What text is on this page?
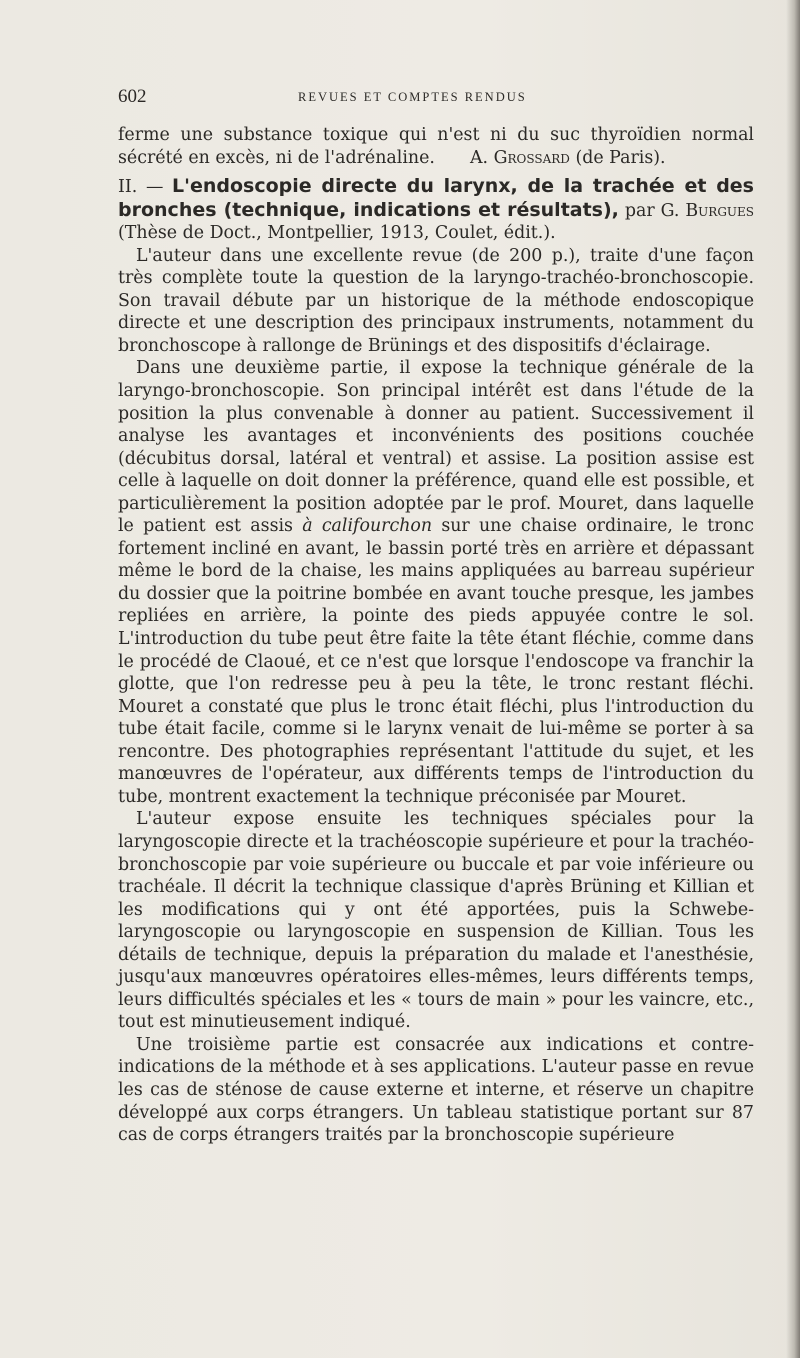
602	REVUES ET COMPTES RENDUS

ferme une substance toxique qui n'est ni du suc thyroïdien normal sécrété en excès, ni de l'adrénaline. A. Grossard (de Paris).

II. — L'endoscopie directe du larynx, de la trachée et des bronches (technique, indications et résultats), par G. Burgues (Thèse de Doct., Montpellier, 1913, Coulet, édit.).

L'auteur dans une excellente revue (de 200 p.), traite d'une façon très complète toute la question de la laryngo-trachéo-bronchoscopie. Son travail débute par un historique de la méthode endoscopique directe et une description des principaux instruments, notamment du bronchoscope à rallonge de Brünings et des dispositifs d'éclairage.

Dans une deuxième partie, il expose la technique générale de la laryngo-bronchoscopie. Son principal intérêt est dans l'étude de la position la plus convenable à donner au patient. Successivement il analyse les avantages et inconvénients des positions couchée (décubitus dorsal, latéral et ventral) et assise. La position assise est celle à laquelle on doit donner la préférence, quand elle est possible, et particulièrement la position adoptée par le prof. Mouret, dans laquelle le patient est assis à califourchon sur une chaise ordinaire, le tronc fortement incliné en avant, le bassin porté très en arrière et dépassant même le bord de la chaise, les mains appliquées au barreau supérieur du dossier que la poitrine bombée en avant touche presque, les jambes repliées en arrière, la pointe des pieds appuyée contre le sol. L'introduction du tube peut être faite la tête étant fléchie, comme dans le procédé de Claoué, et ce n'est que lorsque l'endoscope va franchir la glotte, que l'on redresse peu à peu la tête, le tronc restant fléchi. Mouret a constaté que plus le tronc était fléchi, plus l'introduction du tube était facile, comme si le larynx venait de lui-même se porter à sa rencontre. Des photographies représentant l'attitude du sujet, et les manœuvres de l'opérateur, aux différents temps de l'introduction du tube, montrent exactement la technique préconisée par Mouret.

L'auteur expose ensuite les techniques spéciales pour la laryngoscopie directe et la trachéoscopie supérieure et pour la trachéo-bronchoscopie par voie supérieure ou buccale et par voie inférieure ou trachéale. Il décrit la technique classique d'après Brüning et Killian et les modifications qui y ont été apportées, puis la Schwebe-laryngoscopie ou laryngoscopie en suspension de Killian. Tous les détails de technique, depuis la préparation du malade et l'anesthésie, jusqu'aux manœuvres opératoires elles-mêmes, leurs différents temps, leurs difficultés spéciales et les « tours de main » pour les vaincre, etc., tout est minutieusement indiqué.

Une troisième partie est consacrée aux indications et contre-indications de la méthode et à ses applications. L'auteur passe en revue les cas de sténose de cause externe et interne, et réserve un chapitre développé aux corps étrangers. Un tableau statistique portant sur 87 cas de corps étrangers traités par la bronchoscopie supérieure
